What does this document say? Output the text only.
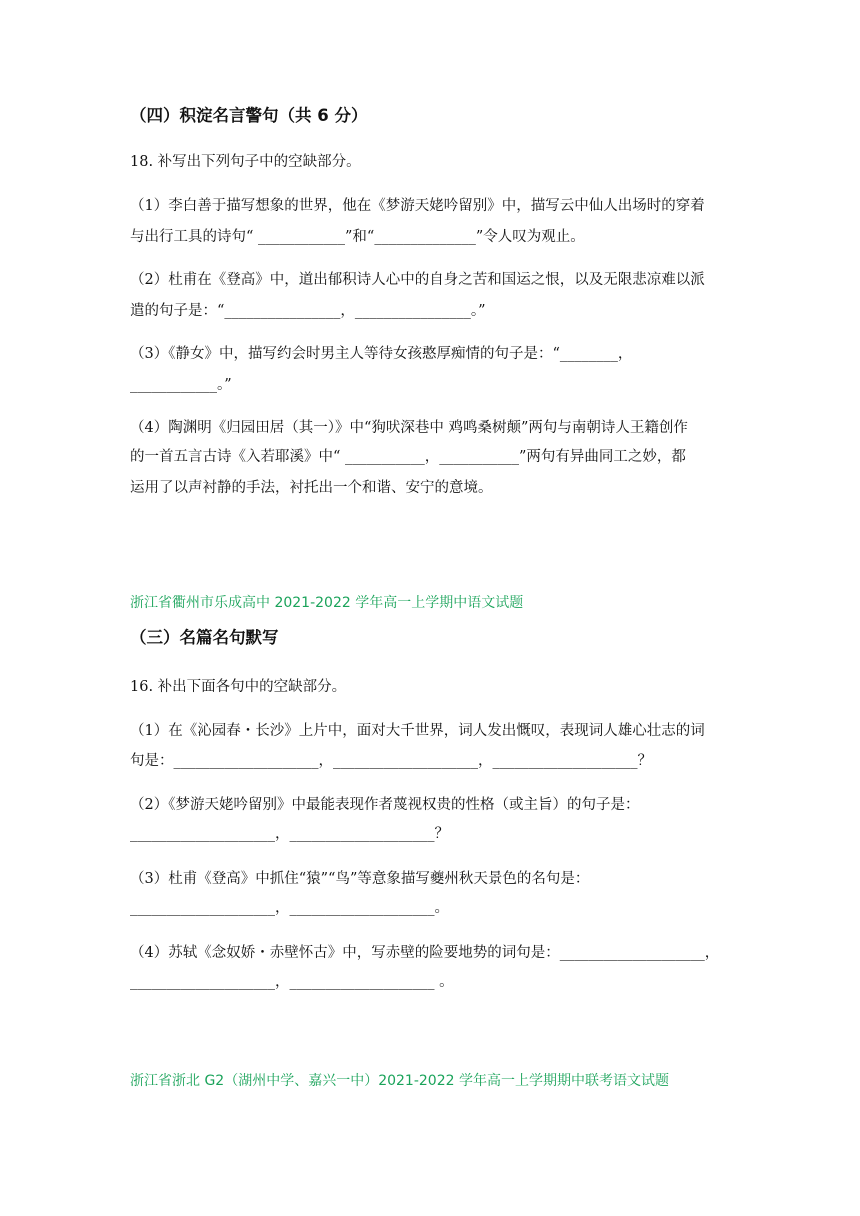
（四）积淀名言警句（共 6 分）
18. 补写出下列句子中的空缺部分。
（1）李白善于描写想象的世界，他在《梦游天姥吟留别》中，描写云中仙人出场时的穿着
与出行工具的诗句“ ____________”和“______________”令人叹为观止。
（2）杜甫在《登高》中，道出郁积诗人心中的自身之苦和国运之恨，以及无限悲凉难以派
遣的句子是：“________________，________________。”
（3）《静女》中，描写约会时男主人等待女孩憨厚痴情的句子是：“________，
____________。”
（4）陶渊明《归园田居（其一）》中“狗吠深巷中 鸡鸣桑树颠”两句与南朝诗人王籍创作
的一首五言古诗《入若耶溪》中“ ___________，___________”两句有异曲同工之妙，都
运用了以声衬静的手法，衬托出一个和谐、安宁的意境。
浙江省衢州市乐成高中 2021-2022 学年高一上学期中语文试题
（三）名篇名句默写
16. 补出下面各句中的空缺部分。
（1）在《沁园春・长沙》上片中，面对大千世界，词人发出慨叹，表现词人雄心壮志的词
句是：____________________，____________________，____________________？
（2）《梦游天姥吟留别》中最能表现作者蔑视权贵的性格（或主旨）的句子是：
____________________，____________________？
（3）杜甫《登高》中抓住“猿”“鸟”等意象描写夔州秋天景色的名句是：
____________________，____________________。
（4）苏轼《念奴娇・赤壁怀古》中，写赤壁的险要地势的词句是：____________________，
____________________，____________________ 。
浙江省浙北 G2（湖州中学、嘉兴一中）2021-2022 学年高一上学期期中联考语文试题
